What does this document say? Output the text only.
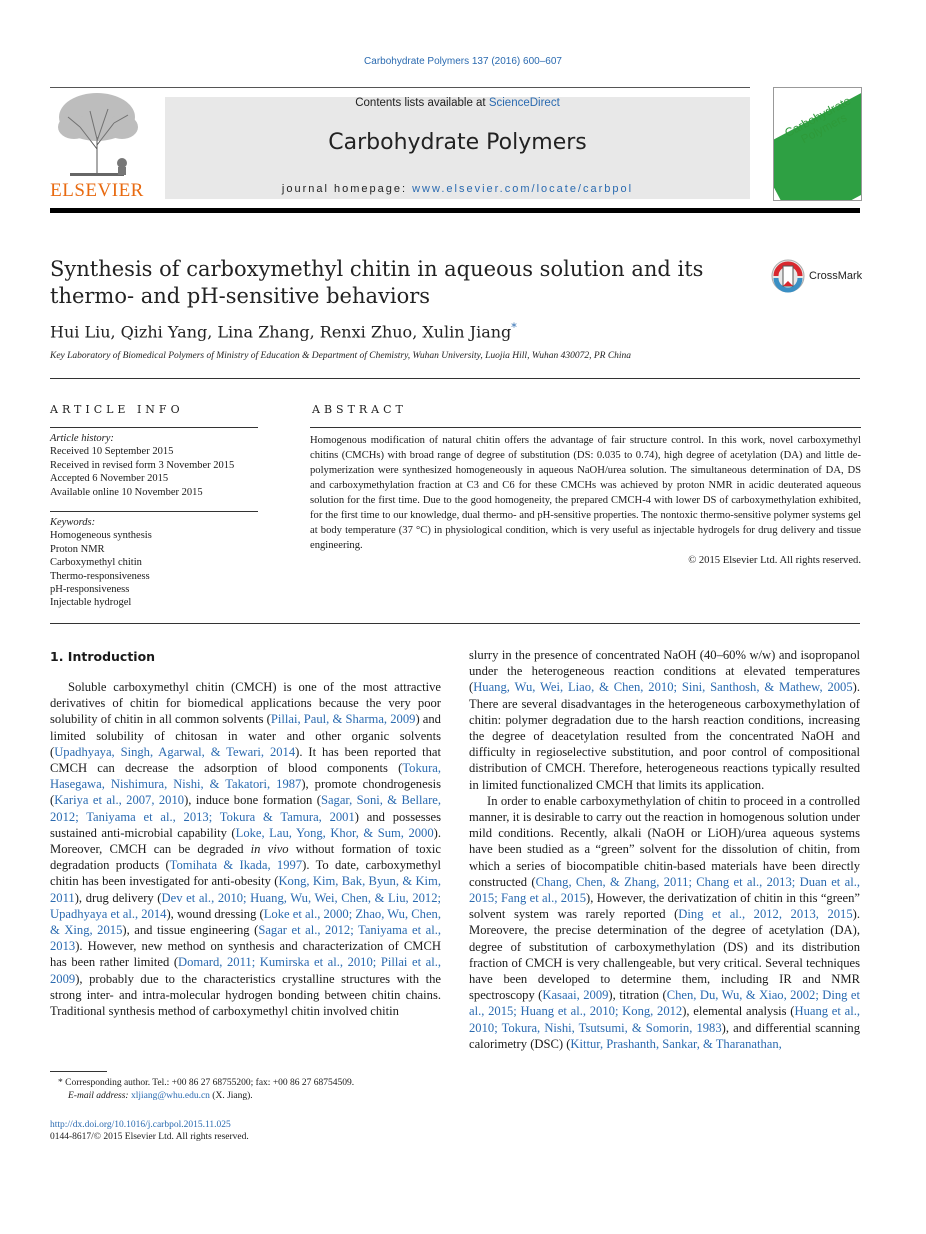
Carbohydrate Polymers 137 (2016) 600–607
ELSEVIER
Contents lists available at ScienceDirect
Carbohydrate Polymers
journal homepage: www.elsevier.com/locate/carbpol
Carbohydrate Polymers
Synthesis of carboxymethyl chitin in aqueous solution and its
thermo- and pH-sensitive behaviors
CrossMark
Hui Liu, Qizhi Yang, Lina Zhang, Renxi Zhuo, Xulin Jiang*
Key Laboratory of Biomedical Polymers of Ministry of Education & Department of Chemistry, Wuhan University, Luojia Hill, Wuhan 430072, PR China
ARTICLE INFO
Article history:
Received 10 September 2015
Received in revised form 3 November 2015
Accepted 6 November 2015
Available online 10 November 2015
Keywords:
Homogeneous synthesis
Proton NMR
Carboxymethyl chitin
Thermo-responsiveness
pH-responsiveness
Injectable hydrogel
ABSTRACT
Homogenous modification of natural chitin offers the advantage of fair structure control. In this work, novel carboxymethyl chitins (CMCHs) with broad range of degree of substitution (DS: 0.035 to 0.74), high degree of acetylation (DA) and little de-polymerization were synthesized homogeneously in aqueous NaOH/urea solution. The simultaneous determination of DA, DS and carboxymethylation fraction at C3 and C6 for these CMCHs was achieved by proton NMR in acidic deuterated aqueous solution for the first time. Due to the good homogeneity, the prepared CMCH-4 with lower DS of carboxymethylation exhibited, for the first time to our knowledge, dual thermo- and pH-sensitive properties. The nontoxic thermo-sensitive polymer systems gel at body temperature (37 °C) in physiological condition, which is very useful as injectable hydrogels for drug delivery and tissue engineering.
© 2015 Elsevier Ltd. All rights reserved.
1. Introduction

Soluble carboxymethyl chitin (CMCH) is one of the most attractive derivatives of chitin for biomedical applications because the very poor solubility of chitin in all common solvents (Pillai, Paul, & Sharma, 2009) and limited solubility of chitosan in water and other organic solvents (Upadhyaya, Singh, Agarwal, & Tewari, 2014). It has been reported that CMCH can decrease the adsorption of blood components (Tokura, Hasegawa, Nishimura, Nishi, & Takatori, 1987), promote chondrogenesis (Kariya et al., 2007, 2010), induce bone formation (Sagar, Soni, & Bellare, 2012; Taniyama et al., 2013; Tokura & Tamura, 2001) and possesses sustained anti-microbial capability (Loke, Lau, Yong, Khor, & Sum, 2000). Moreover, CMCH can be degraded in vivo without formation of toxic degradation products (Tomihata & Ikada, 1997). To date, carboxymethyl chitin has been investigated for anti-obesity (Kong, Kim, Bak, Byun, & Kim, 2011), drug delivery (Dev et al., 2010; Huang, Wu, Wei, Chen, & Liu, 2012; Upadhyaya et al., 2014), wound dressing (Loke et al., 2000; Zhao, Wu, Chen, & Xing, 2015), and tissue engineering (Sagar et al., 2012; Taniyama et al., 2013). However, new method on synthesis and characterization of CMCH has been rather limited (Domard, 2011; Kumirska et al., 2010; Pillai et al., 2009), probably due to the characteristics crystalline structures with the strong inter- and intra-molecular hydrogen bonding between chitin chains. Traditional synthesis method of carboxymethyl chitin involved chitin

slurry in the presence of concentrated NaOH (40–60% w/w) and isopropanol under the heterogeneous reaction conditions at elevated temperatures (Huang, Wu, Wei, Liao, & Chen, 2010; Sini, Santhosh, & Mathew, 2005). There are several disadvantages in the heterogeneous carboxymethylation of chitin: polymer degradation due to the harsh reaction conditions, increasing the degree of deacetylation resulted from the concentrated NaOH and difficulty in regioselective substitution, and poor control of compositional distribution of CMCH. Therefore, heterogeneous reactions typically resulted in limited functionalized CMCH that limits its application.

In order to enable carboxymethylation of chitin to proceed in a controlled manner, it is desirable to carry out the reaction in homogenous solution under mild conditions. Recently, alkali (NaOH or LiOH)/urea aqueous systems have been studied as a “green” solvent for the dissolution of chitin, from which a series of biocompatible chitin-based materials have been directly constructed (Chang, Chen, & Zhang, 2011; Chang et al., 2013; Duan et al., 2015; Fang et al., 2015), However, the derivatization of chitin in this “green” solvent system was rarely reported (Ding et al., 2012, 2013, 2015). Moreovere, the precise determination of the degree of acetylation (DA), degree of substitution of carboxymethylation (DS) and its distribution fraction of CMCH is very challengeable, but very critical. Several techniques have been developed to determine them, including IR and NMR spectroscopy (Kasaai, 2009), titration (Chen, Du, Wu, & Xiao, 2002; Ding et al., 2015; Huang et al., 2010; Kong, 2012), elemental analysis (Huang et al., 2010; Tokura, Nishi, Tsutsumi, & Somorin, 1983), and differential scanning calorimetry (DSC) (Kittur, Prashanth, Sankar, & Tharanathan,

* Corresponding author. Tel.: +00 86 27 68755200; fax: +00 86 27 68754509.
E-mail address: xljiang@whu.edu.cn (X. Jiang).
http://dx.doi.org/10.1016/j.carbpol.2015.11.025
0144-8617/© 2015 Elsevier Ltd. All rights reserved.
